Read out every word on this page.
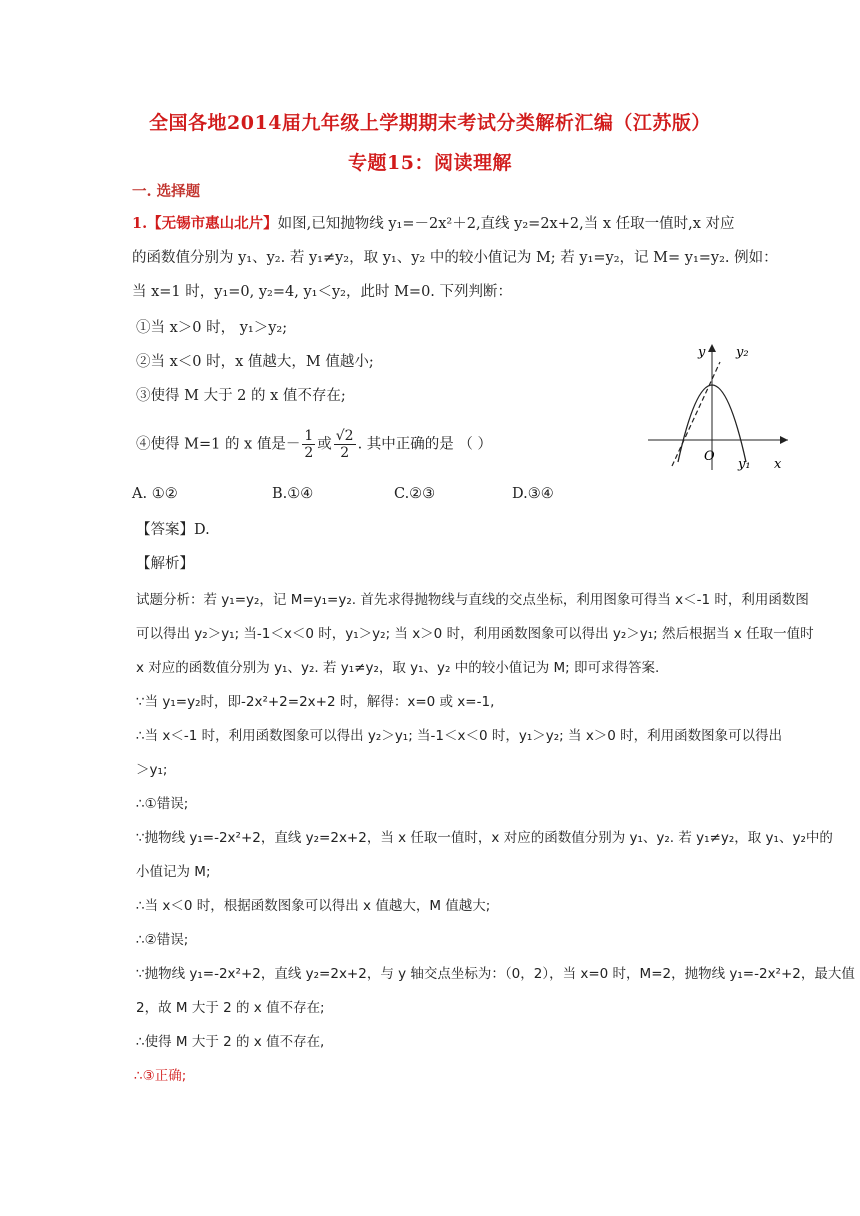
全国各地2014届九年级上学期期末考试分类解析汇编（江苏版）
专题15：阅读理解
一. 选择题
1.【无锡市惠山北片】如图,已知抛物线 y₁=－2x²＋2,直线 y₂=2x+2,当 x 任取一值时,x 对应
的函数值分别为 y₁、y₂. 若 y₁≠y₂，取 y₁、y₂ 中的较小值记为 M; 若 y₁=y₂，记 M= y₁=y₂. 例如：
当 x=1 时，y₁=0, y₂=4, y₁＜y₂，此时 M=0. 下列判断：
①当 x＞0 时， y₁＞y₂;
②当 x＜0 时，x 值越大，M 值越小;
③使得 M 大于 2 的 x 值不存在;
④使得 M=1 的 x 值是－ $\frac{1}{2}$ 或 $\frac{√2}{2}$ . 其中正确的是 （ ）
y y₂
O
y₁ x
A. ①②	B.①④	C.②③	D.③④
【答案】D.
【解析】
试题分析：若 y₁=y₂，记 M=y₁=y₂. 首先求得抛物线与直线的交点坐标，利用图象可得当 x＜-1 时，利用函数图
可以得出 y₂＞y₁; 当-1＜x＜0 时，y₁＞y₂; 当 x＞0 时，利用函数图象可以得出 y₂＞y₁; 然后根据当 x 任取一值时
x 对应的函数值分别为 y₁、y₂. 若 y₁≠y₂，取 y₁、y₂ 中的较小值记为 M; 即可求得答案.
∵当 y₁=y₂时，即-2x²+2=2x+2 时，解得：x=0 或 x=-1,
∴当 x＜-1 时，利用函数图象可以得出 y₂＞y₁; 当-1＜x＜0 时，y₁＞y₂; 当 x＞0 时，利用函数图象可以得出
＞y₁;
∴①错误;
∵抛物线 y₁=-2x²+2，直线 y₂=2x+2，当 x 任取一值时，x 对应的函数值分别为 y₁、y₂. 若 y₁≠y₂，取 y₁、y₂中的
小值记为 M;
∴当 x＜0 时，根据函数图象可以得出 x 值越大，M 值越大;
∴②错误;
∵抛物线 y₁=-2x²+2，直线 y₂=2x+2，与 y 轴交点坐标为：（0，2），当 x=0 时，M=2，抛物线 y₁=-2x²+2，最大值
2，故 M 大于 2 的 x 值不存在;
∴使得 M 大于 2 的 x 值不存在,
∴③正确;
